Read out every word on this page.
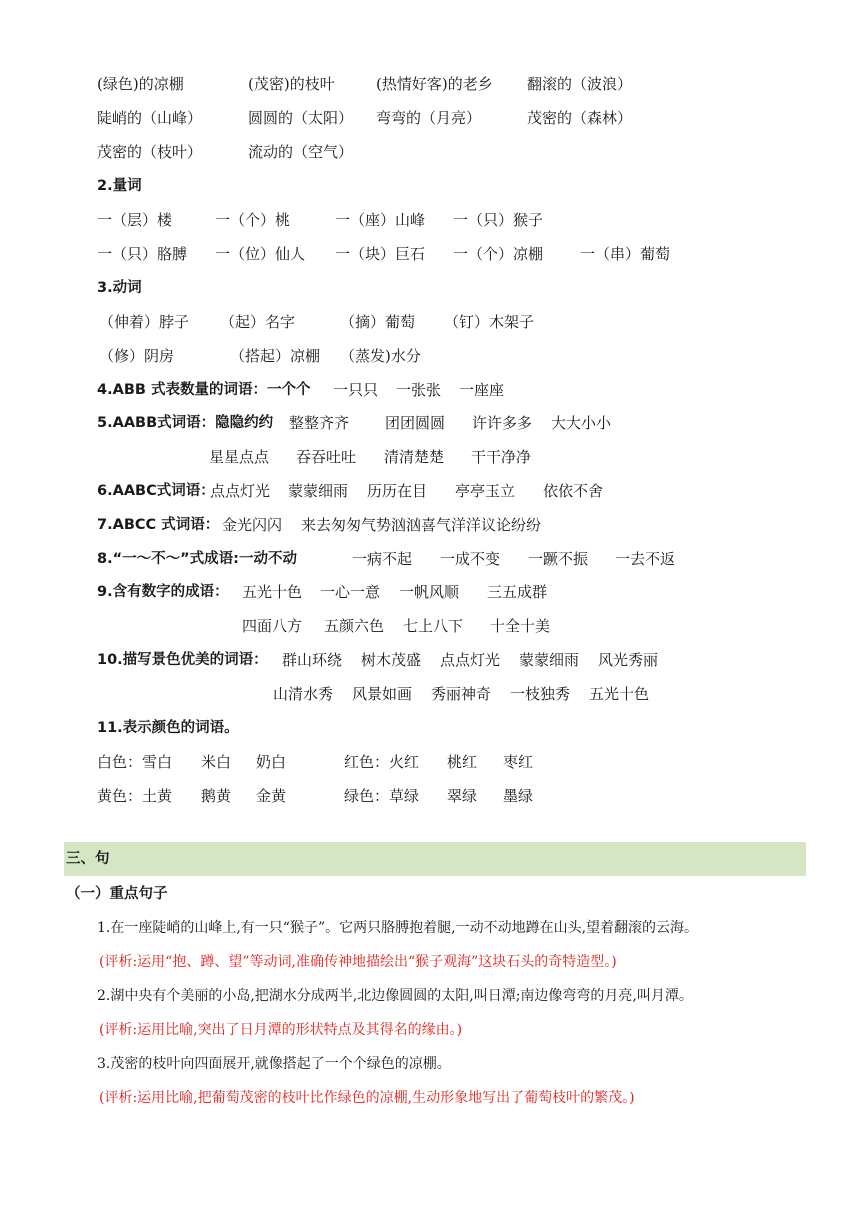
(绿色)的凉棚	(茂密)的枝叶	(热情好客)的老乡 翻滚的（波浪）
陡峭的（山峰）	圆圆的（太阳） 弯弯的（月亮）	茂密的（森林）
茂密的（枝叶）	流动的（空气）
2.量词
一（层）楼	一（个）桃	一（座）山峰 一（只）猴子
一（只）胳膊 一（位）仙人 一（块）巨石 一（个）凉棚 一（串）葡萄
3.动词
（伸着）脖子 （起）名字	（摘）葡萄 （钉）木架子
（修）阴房	（搭起）凉棚 （蒸发)水分
4.ABB 式表数量的词语：一个个 一只只 一张张 一座座
5.AABB式词语：隐隐约约 整整齐齐 团团圆圆 许许多多 大大小小
星星点点 吞吞吐吐 清清楚楚 干干净净
6.AABC式词语：
点点灯光 蒙蒙细雨 历历在目 亭亭玉立 依依不舍
7.ABCC 式词语： 金光闪闪 来去匆匆气势汹汹喜气洋洋议论纷纷
8.“一～不～”式成语:一动不动	一病不起 一成不变 一蹶不振 一去不返
9.含有数字的成语： 五光十色 一心一意 一帆风顺 三五成群
四面八方 五颜六色 七上八下 十全十美
10.描写景色优美的词语： 群山环绕 树木茂盛 点点灯光 蒙蒙细雨 风光秀丽
山清水秀 风景如画 秀丽神奇 一枝独秀 五光十色
11.表示颜色的词语。
白色：雪白 米白 奶白	红色：火红 桃红 枣红
黄色：土黄 鹅黄 金黄	绿色：草绿 翠绿 墨绿
三、句
（一）重点句子
1.在一座陡峭的山峰上,有一只“猴子”。它两只胳膊抱着腿,一动不动地蹲在山头,望着翻滚的云海。
(评析:运用“抱、蹲、望”等动词,准确传神地描绘出“猴子观海”这块石头的奇特造型。)
2.湖中央有个美丽的小岛,把湖水分成两半,北边像圆圆的太阳,叫日潭;南边像弯弯的月亮,叫月潭。
(评析:运用比喻,突出了日月潭的形状特点及其得名的缘由。)
3.茂密的枝叶向四面展开,就像搭起了一个个绿色的凉棚。
(评析:运用比喻,把葡萄茂密的枝叶比作绿色的凉棚,生动形象地写出了葡萄枝叶的繁茂。)
